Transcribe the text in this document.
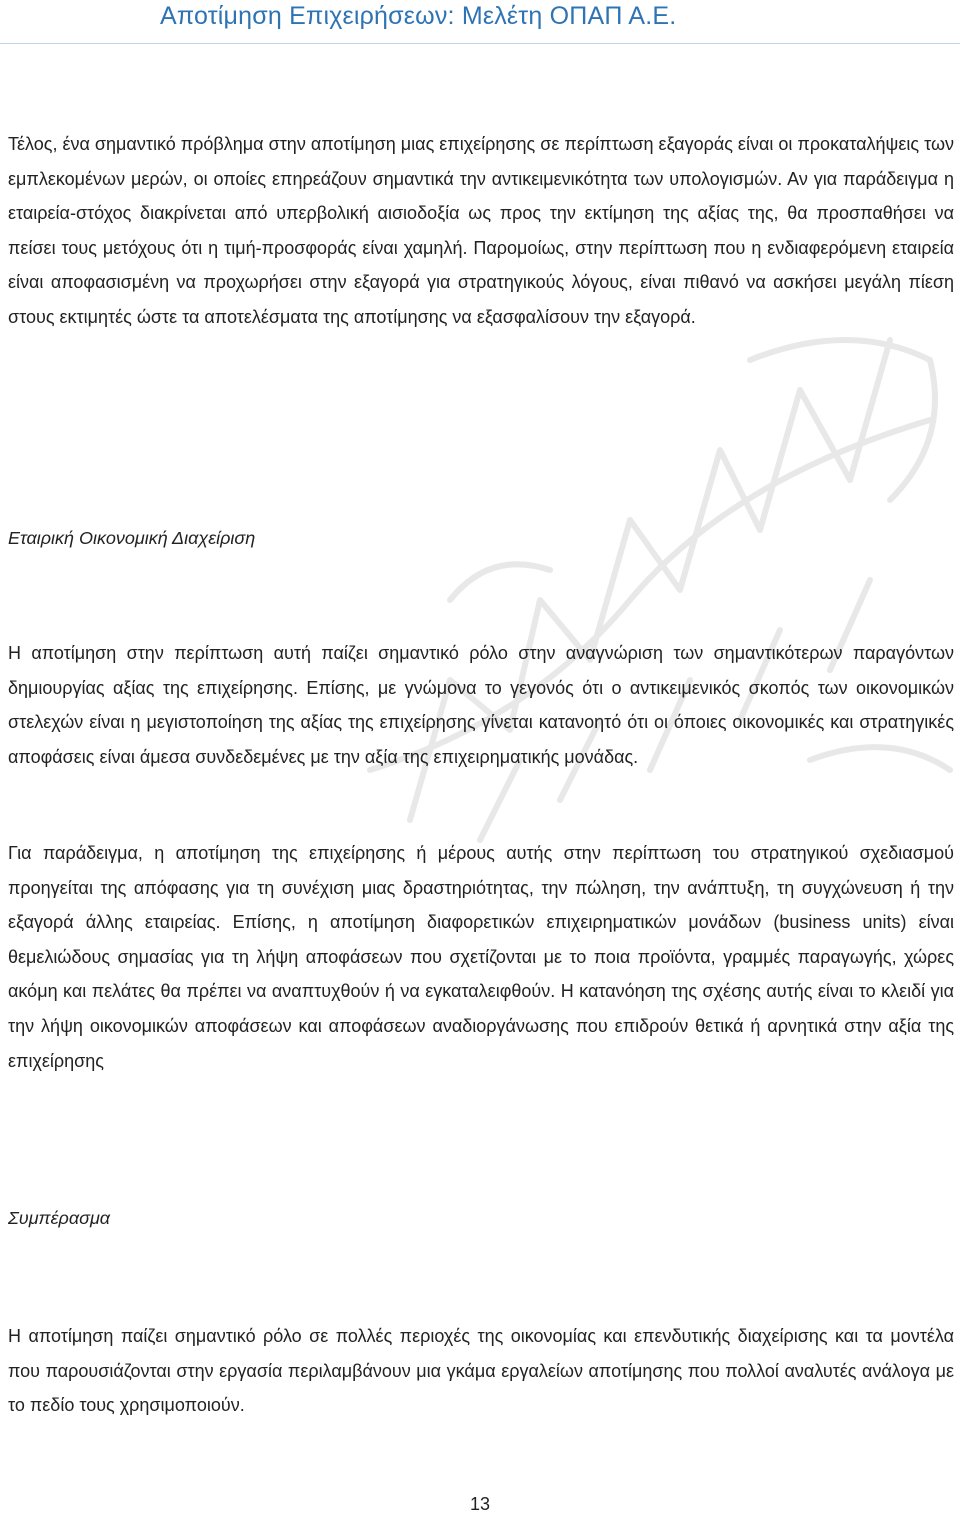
Αποτίμηση Επιχειρήσεων: Μελέτη ΟΠΑΠ Α.Ε.

Τέλος, ένα σημαντικό πρόβλημα στην αποτίμηση μιας επιχείρησης σε περίπτωση εξαγοράς είναι οι προκαταλήψεις των εμπλεκομένων μερών, οι οποίες επηρεάζουν σημαντικά την αντικειμενικότητα των υπολογισμών. Αν για παράδειγμα η εταιρεία-στόχος διακρίνεται από υπερβολική αισιοδοξία ως προς την εκτίμηση της αξίας της, θα προσπαθήσει να πείσει τους μετόχους ότι η τιμή-προσφοράς είναι χαμηλή. Παρομοίως, στην περίπτωση που η ενδιαφερόμενη εταιρεία είναι αποφασισμένη να προχωρήσει στην εξαγορά για στρατηγικούς λόγους, είναι πιθανό να ασκήσει μεγάλη πίεση στους εκτιμητές ώστε τα αποτελέσματα της αποτίμησης να εξασφαλίσουν την εξαγορά.

Εταιρική Οικονομική Διαχείριση

Η αποτίμηση στην περίπτωση αυτή παίζει σημαντικό ρόλο στην αναγνώριση των σημαντικότερων παραγόντων δημιουργίας αξίας της επιχείρησης. Επίσης, με γνώμονα το γεγονός ότι ο αντικειμενικός σκοπός των οικονομικών στελεχών είναι η μεγιστοποίηση της αξίας της επιχείρησης γίνεται κατανοητό ότι οι όποιες οικονομικές και στρατηγικές αποφάσεις είναι άμεσα συνδεδεμένες με την αξία της επιχειρηματικής μονάδας.

Για παράδειγμα, η αποτίμηση της επιχείρησης ή μέρους αυτής στην περίπτωση του στρατηγικού σχεδιασμού προηγείται της απόφασης για τη συνέχιση μιας δραστηριότητας, την πώληση, την ανάπτυξη, τη συγχώνευση ή την εξαγορά άλλης εταιρείας. Επίσης, η αποτίμηση διαφορετικών επιχειρηματικών μονάδων (business units) είναι θεμελιώδους σημασίας για τη λήψη αποφάσεων που σχετίζονται με το ποια προϊόντα, γραμμές παραγωγής, χώρες ακόμη και πελάτες θα πρέπει να αναπτυχθούν ή να εγκαταλειφθούν. Η κατανόηση της σχέσης αυτής είναι το κλειδί για την λήψη οικονομικών αποφάσεων και αποφάσεων αναδιοργάνωσης που επιδρούν θετικά ή αρνητικά στην αξία της επιχείρησης

Συμπέρασμα

Η αποτίμηση παίζει σημαντικό ρόλο σε πολλές περιοχές της οικονομίας και επενδυτικής διαχείρισης και τα μοντέλα που παρουσιάζονται στην εργασία περιλαμβάνουν μια γκάμα εργαλείων αποτίμησης που πολλοί αναλυτές ανάλογα με το πεδίο τους χρησιμοποιούν.

13
